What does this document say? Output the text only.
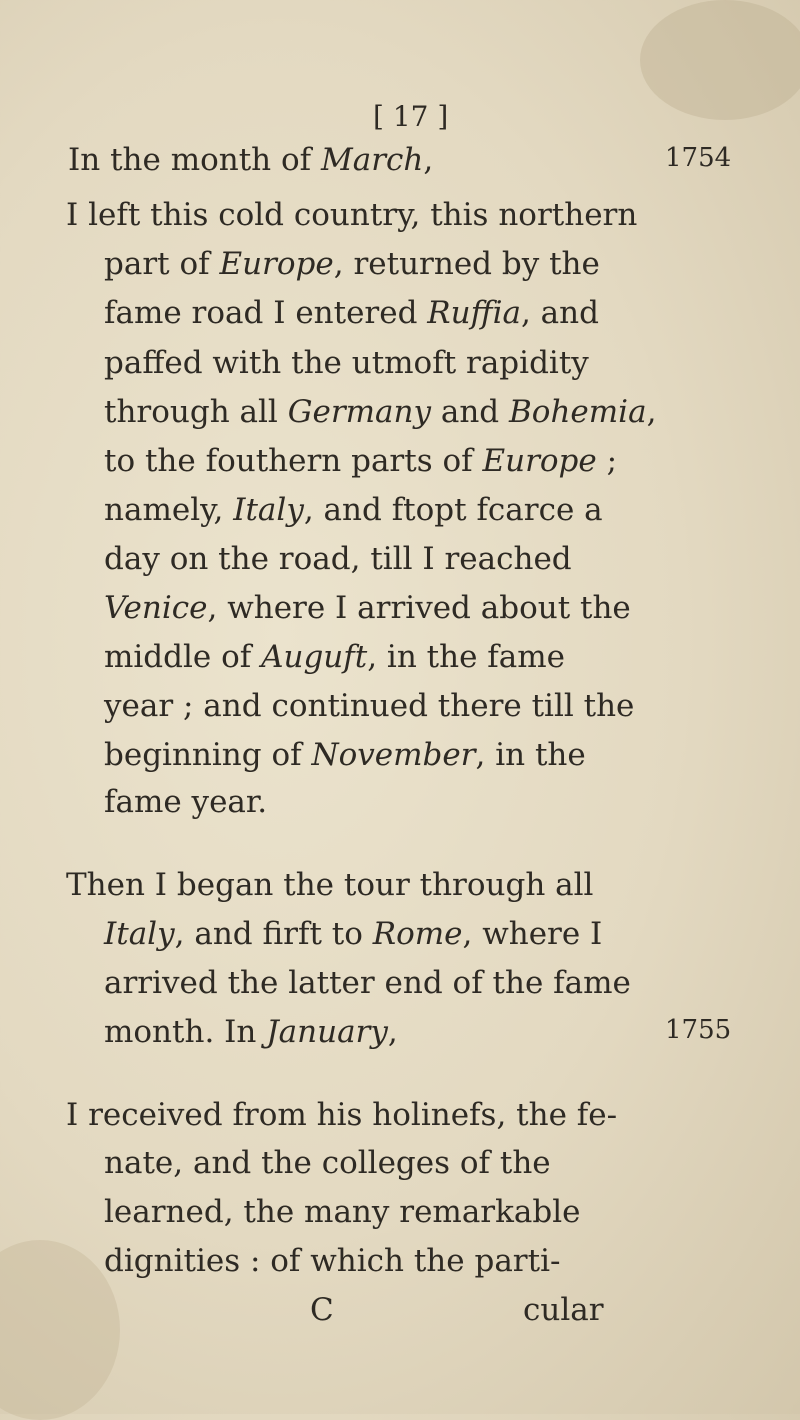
[ 17 ]
In the month of March,	1754
I left this cold country, this northern
part of Europe, returned by the
fame road I entered Ruffia, and
paffed with the utmoft rapidity
through all Germany and Bohemia,
to the fouthern parts of Europe ;
namely, Italy, and ftopt fcarce a
day on the road, till I reached
Venice, where I arrived about the
middle of Auguft, in the fame
year ; and continued there till the
beginning of November, in the
fame year.
Then I began the tour through all
Italy, and firft to Rome, where I
arrived the latter end of the fame
month. In January,	1755
I received from his holinefs, the fe-
nate, and the colleges of the
learned, the many remarkable
dignities : of which the parti-
C	cular
